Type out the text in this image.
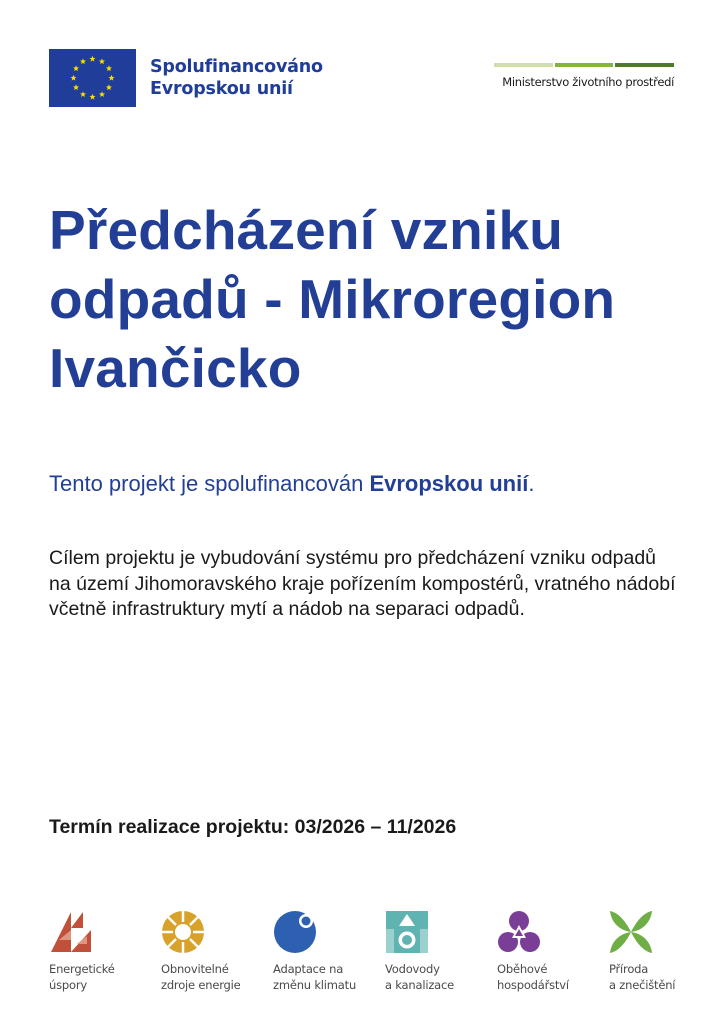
Spolufinancováno
Evropskou unií	Ministerstvo životního prostředí
Předcházení vzniku odpadů - Mikroregion Ivančicko

Tento projekt je spolufinancován Evropskou unií.

Cílem projektu je vybudování systému pro předcházení vzniku odpadů na území Jihomoravského kraje pořízením kompostérů, vratného nádobí včetně infrastruktury mytí a nádob na separaci odpadů.

Termín realizace projektu: 03/2026 – 11/2026

Energetické
úspory
Obnovitelné
zdroje energie
Adaptace na
změnu klimatu
Vodovody
a kanalizace
Oběhové
hospodářství
Příroda
a znečištění
